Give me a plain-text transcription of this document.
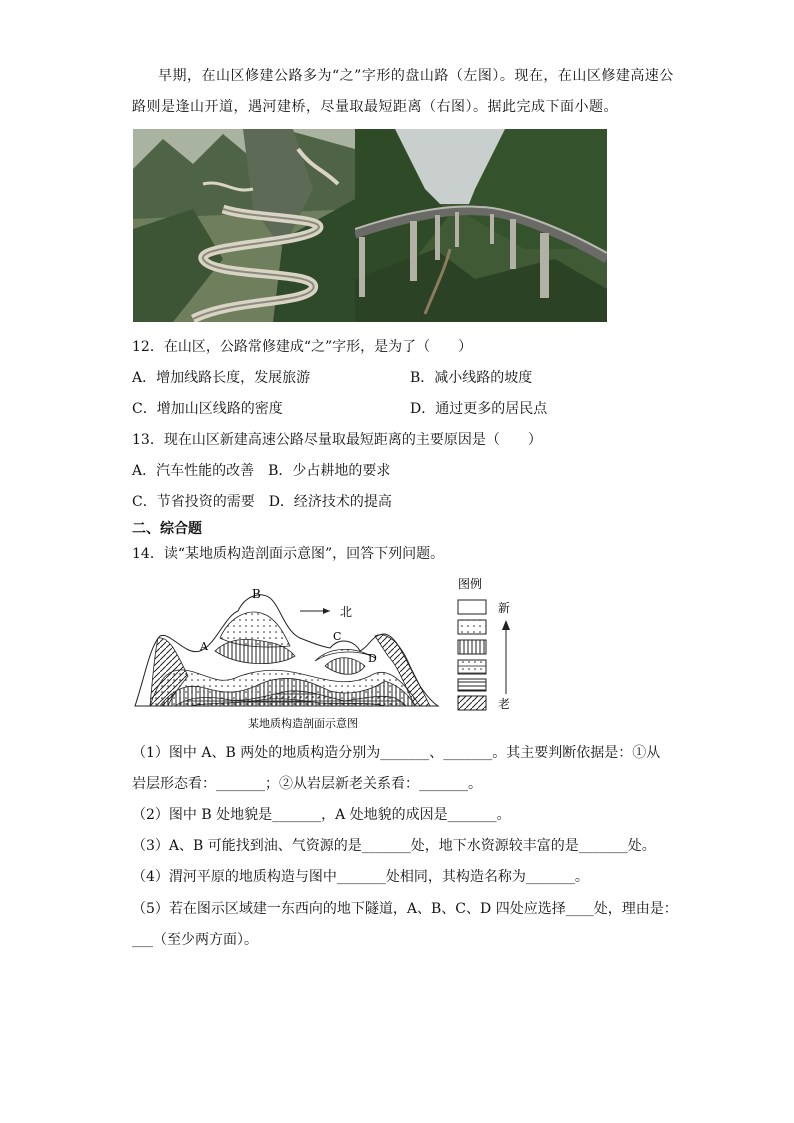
早期，在山区修建公路多为“之”字形的盘山路（左图）。现在，在山区修建高速公
路则是逢山开道，遇河建桥，尽量取最短距离（右图）。据此完成下面小题。
12．在山区，公路常修建成“之”字形，是为了（　　）
A．增加线路长度，发展旅游	B．减小线路的坡度
C．增加山区线路的密度	D．通过更多的居民点
13．现在山区新建高速公路尽量取最短距离的主要原因是（　　）
A．汽车性能的改善　B．少占耕地的要求
C．节省投资的需要　D．经济技术的提高
二、综合题
14．读“某地质构造剖面示意图”，回答下列问题。
B
A
C
D
北
某地质构造剖面示意图
图例
新
老
（1）图中 A、B 两处的地质构造分别为_______、_______。其主要判断依据是：①从
岩层形态看：_______；②从岩层新老关系看：_______。
（2）图中 B 处地貌是_______，A 处地貌的成因是_______。
（3）A、B 可能找到油、气资源的是_______处，地下水资源较丰富的是_______处。
（4）渭河平原的地质构造与图中_______处相同，其构造名称为_______。
（5）若在图示区域建一东西向的地下隧道，A、B、C、D 四处应选择____处，理由是：
___（至少两方面）。
